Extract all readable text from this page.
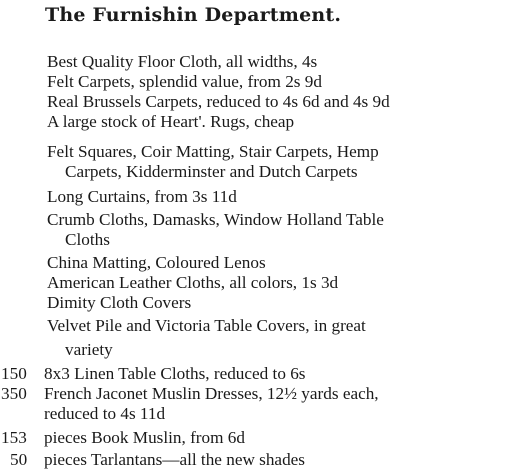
The Furnishin Department.

Best Quality Floor Cloth, all widths, 4s

Felt Carpets, splendid value, from 2s 9d

Real Brussels Carpets, reduced to 4s 6d and 4s 9d

A large stock of Heart'. Rugs, cheap

Felt Squares, Coir Matting, Stair Carpets, Hemp

Carpets, Kidderminster and Dutch Carpets

Long Curtains, from 3s 11d

Crumb Cloths, Damasks, Window Holland Table

Cloths

China Matting, Coloured Lenos

American Leather Cloths, all colors, 1s 3d

Dimity Cloth Covers

Velvet Pile and Victoria Table Covers, in great

variety

150 8x3 Linen Table Cloths, reduced to 6s

350 French Jaconet Muslin Dresses, 12½ yards each,

reduced to 4s 11d

153 pieces Book Muslin, from 6d

50 pieces Tarlantans—all the new shades
